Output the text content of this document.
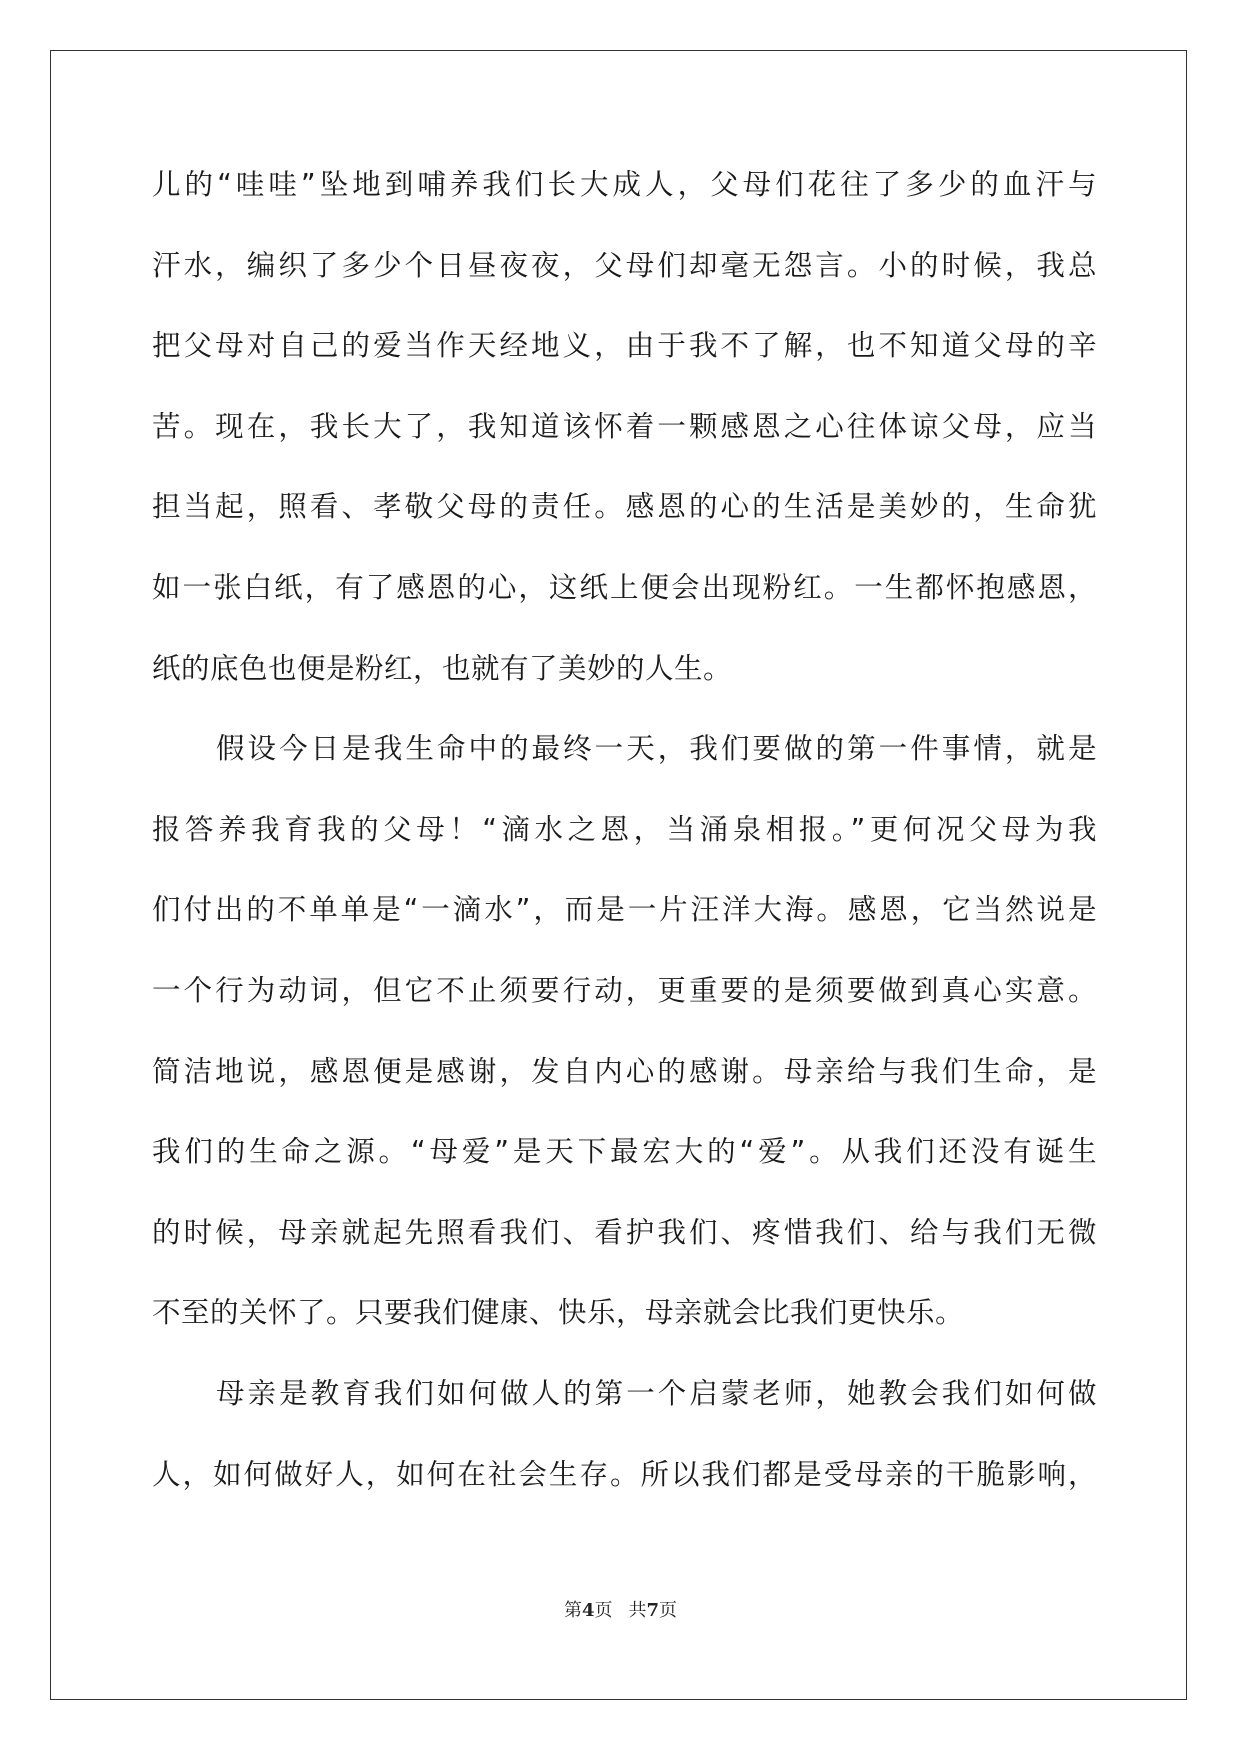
儿的“哇哇”坠地到哺养我们长大成人，父母们花往了多少的血汗与
汗水，编织了多少个日昼夜夜，父母们却毫无怨言。小的时候，我总
把父母对自己的爱当作天经地义，由于我不了解，也不知道父母的辛
苦。现在，我长大了，我知道该怀着一颗感恩之心往体谅父母，应当
担当起，照看、孝敬父母的责任。感恩的心的生活是美妙的，生命犹
如一张白纸，有了感恩的心，这纸上便会出现粉红。一生都怀抱感恩，
纸的底色也便是粉红，也就有了美妙的人生。
假设今日是我生命中的最终一天，我们要做的第一件事情，就是
报答养我育我的父母！“滴水之恩，当涌泉相报。”更何况父母为我
们付出的不单单是“一滴水”，而是一片汪洋大海。感恩，它当然说是
一个行为动词，但它不止须要行动，更重要的是须要做到真心实意。
简洁地说，感恩便是感谢，发自内心的感谢。母亲给与我们生命，是
我们的生命之源。“母爱”是天下最宏大的“爱”。从我们还没有诞生
的时候，母亲就起先照看我们、看护我们、疼惜我们、给与我们无微
不至的关怀了。只要我们健康、快乐，母亲就会比我们更快乐。
母亲是教育我们如何做人的第一个启蒙老师，她教会我们如何做
人，如何做好人，如何在社会生存。所以我们都是受母亲的干脆影响，
第4页 共7页
